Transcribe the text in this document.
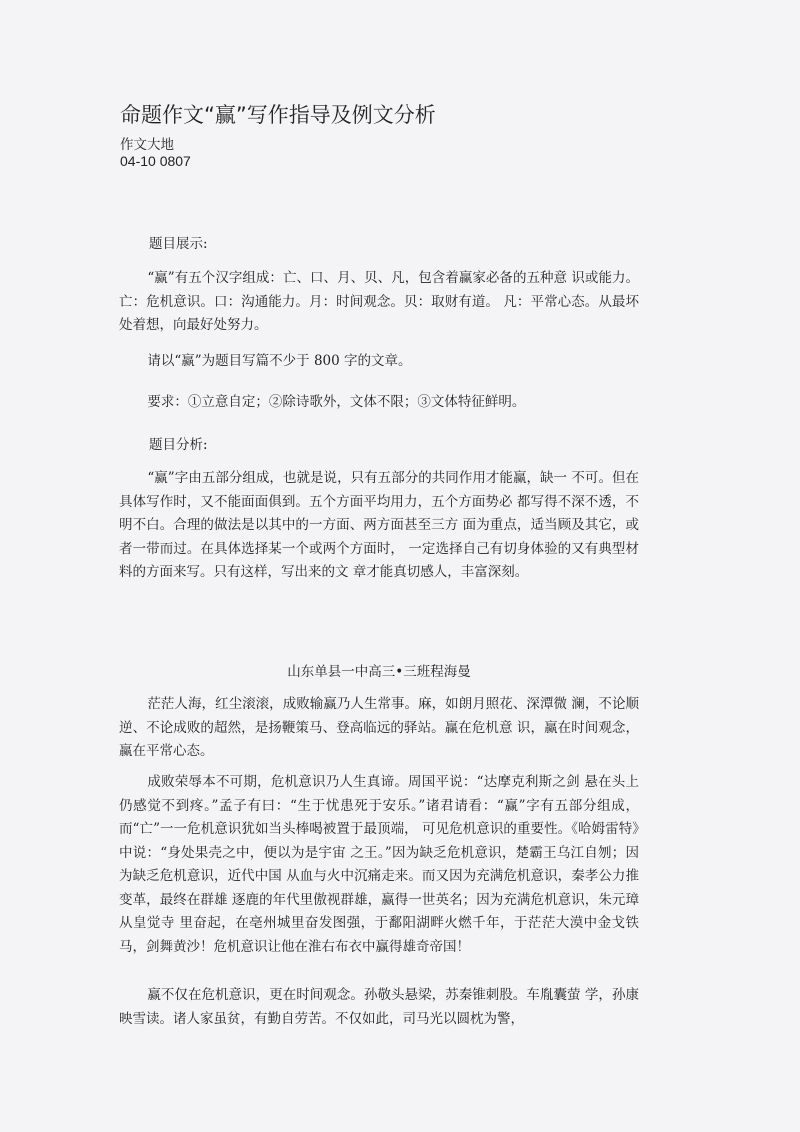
命题作文“赢”写作指导及例文分析
作文大地
04-10 0807
题目展示:
“赢”有五个汉字组成：亡、口、月、贝、凡，包含着赢家必备的五种意 识或能力。亡：危机意识。口：沟通能力。月：时间观念。贝：取财有道。 凡：平常心态。从最坏处着想，向最好处努力。
请以“赢”为题目写篇不少于 800 字的文章。
要求：①立意自定；②除诗歌外，文体不限；③文体特征鲜明。
题目分析:
“赢”字由五部分组成，也就是说，只有五部分的共同作用才能赢，缺一 不可。但在具体写作时，又不能面面俱到。五个方面平均用力，五个方面势必 都写得不深不透，不明不白。合理的做法是以其中的一方面、两方面甚至三方 面为重点，适当顾及其它，或者一带而过。在具体选择某一个或两个方面时， 一定选择自己有切身体验的又有典型材料的方面来写。只有这样，写出来的文 章才能真切感人，丰富深刻。
山东单县一中高三•三班程海曼
茫茫人海，红尘滚滚，成败输赢乃人生常事。麻，如朗月照花、深潭微 澜，不论顺逆、不论成败的超然，是扬鞭策马、登高临远的驿站。赢在危机意 识，赢在时间观念，赢在平常心态。
成败荣辱本不可期，危机意识乃人生真谛。周国平说：“达摩克利斯之剑 悬在头上仍感觉不到疼。”孟子有曰：“生于忧患死于安乐。”诸君请看：“赢”字有五部分组成，而“亡”一一危机意识犹如当头棒喝被置于最顶端， 可见危机意识的重要性。《哈姆雷特》中说：“身处果壳之中，便以为是宇宙 之王。”因为缺乏危机意识，楚霸王乌江自刎；因为缺乏危机意识，近代中国 从血与火中沉痛走来。而又因为充满危机意识，秦孝公力推变革，最终在群雄 逐鹿的年代里傲视群雄，赢得一世英名；因为充满危机意识，朱元璋从皇觉寺 里奋起，在亳州城里奋发图强，于鄱阳湖畔火燃千年，于茫茫大漠中金戈铁 马，剑舞黄沙！危机意识让他在淮右布衣中赢得雄奇帝国！
赢不仅在危机意识，更在时间观念。孙敬头悬梁，苏秦锥刺股。车胤囊萤 学，孙康映雪读。诸人家虽贫，有勤自劳苦。不仅如此，司马光以圆枕为警，
